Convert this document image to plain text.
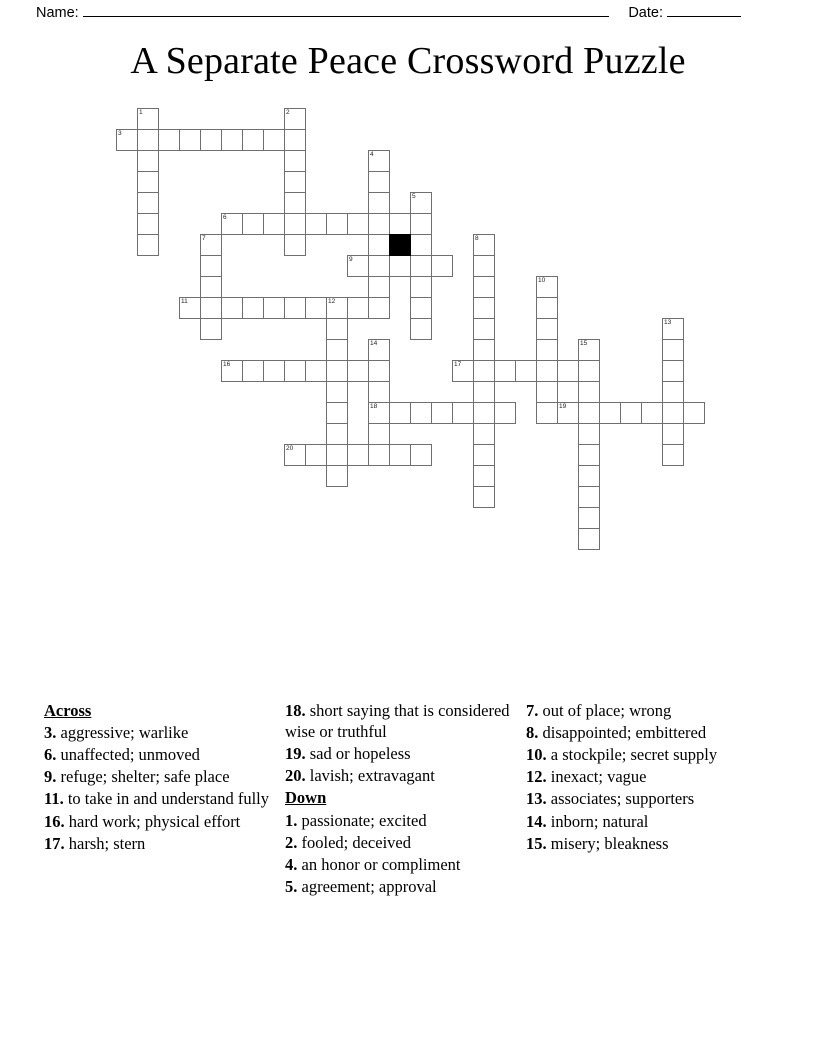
Name:	Date:
A Separate Peace Crossword Puzzle
1	2
3
4
5
6
7	8
9
10
11	12
13
14
18
15
16	17
19
20
Across

3. aggressive; warlike

6. unaffected; unmoved

9. refuge; shelter; safe place

11. to take in and understand fully

16. hard work; physical effort

17. harsh; stern

18. short saying that is considered wise or truthful

19. sad or hopeless

20. lavish; extravagant

Down

1. passionate; excited

2. fooled; deceived

4. an honor or compliment

5. agreement; approval

7. out of place; wrong

8. disappointed; embittered

10. a stockpile; secret supply

12. inexact; vague

13. associates; supporters

14. inborn; natural

15. misery; bleakness
